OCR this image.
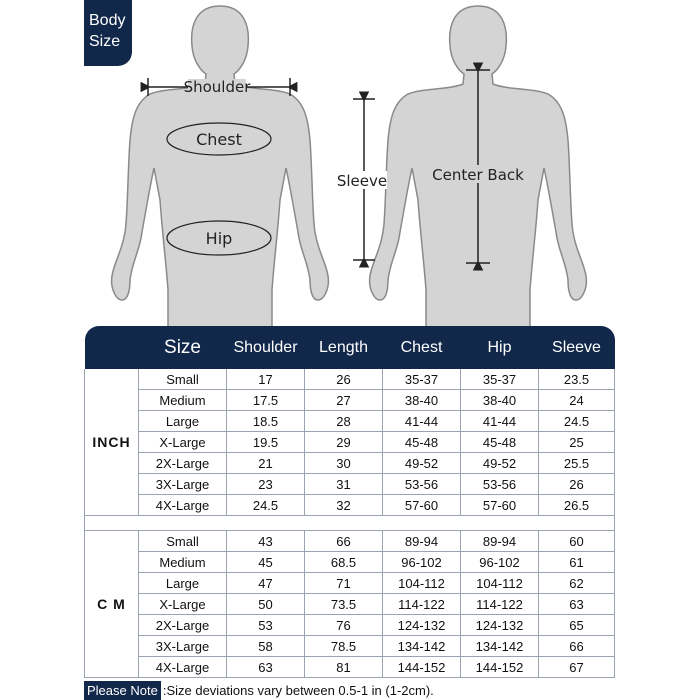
Body
Size
Shoulder
Chest
Hip
Sleeve	Center Back
	Size	Shoulder	Length	Chest	Hip	Sleeve
INCH	Small	17	26	35-37	35-37	23.5
	Medium	17.5	27	38-40	38-40	24
	Large	18.5	28	41-44	41-44	24.5
	X-Large	19.5	29	45-48	45-48	25
	2X-Large	21	30	49-52	49-52	25.5
	3X-Large	23	31	53-56	53-56	26
	4X-Large	24.5	32	57-60	57-60	26.5

C M	Small	43	66	89-94	89-94	60
	Medium	45	68.5	96-102	96-102	61
	Large	47	71	104-112	104-112	62
	X-Large	50	73.5	114-122	114-122	63
	2X-Large	53	76	124-132	124-132	65
	3X-Large	58	78.5	134-142	134-142	66
	4X-Large	63	81	144-152	144-152	67
Please Note :Size deviations vary between 0.5-1 in (1-2cm).
